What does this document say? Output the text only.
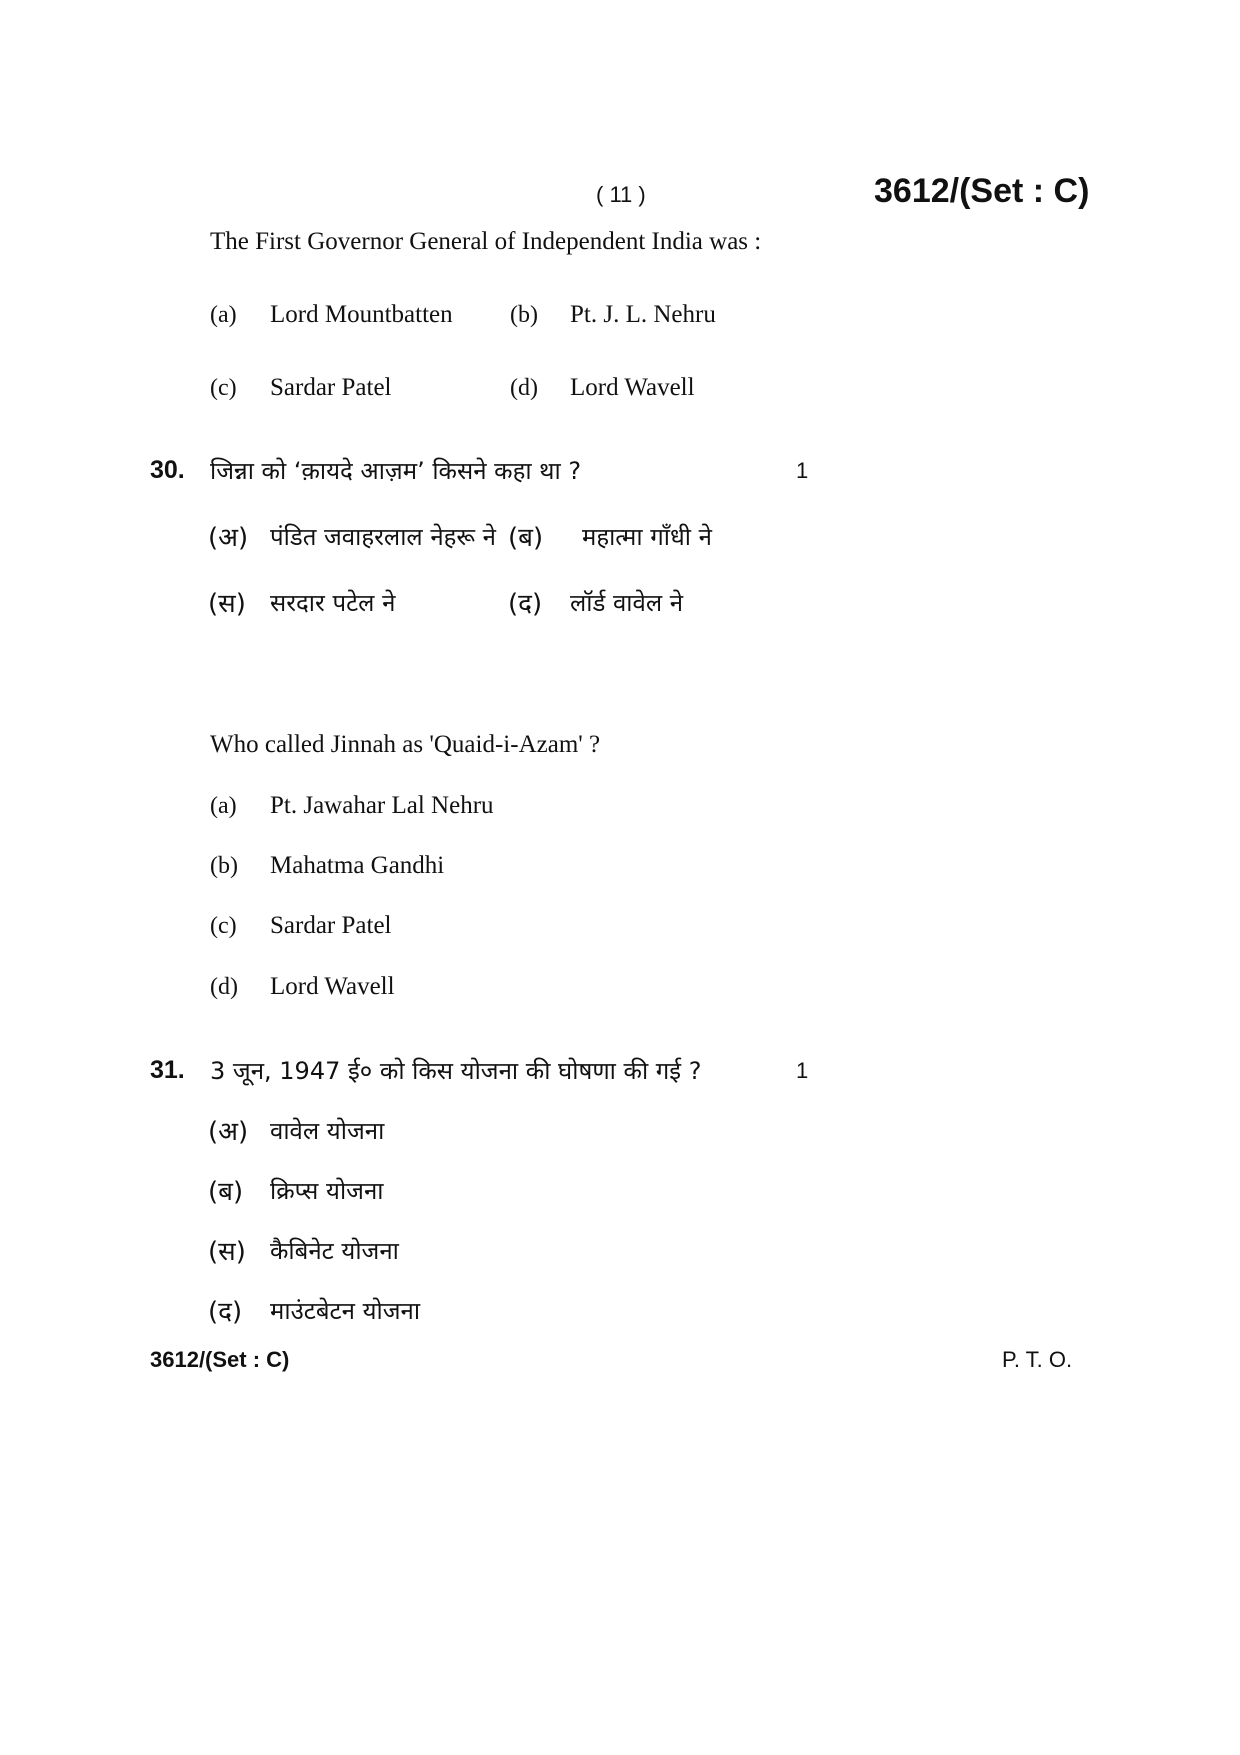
( 11 )	3612/(Set : C)
The First Governor General of Independent India was :
(a) Lord Mountbatten (b) Pt. J. L. Nehru
(c) Sardar Patel	(d) Lord Wavell
30. जिन्ना को ‘क़ायदे आज़म’ किसने कहा था ?	1
(अ) पंडित जवाहरलाल नेहरू ने (ब) महात्मा गाँधी ने
(स) सरदार पटेल ने	(द) लॉर्ड वावेल ने
Who called Jinnah as 'Quaid-i-Azam' ?
(a) Pt. Jawahar Lal Nehru
(b) Mahatma Gandhi
(c) Sardar Patel
(d) Lord Wavell
31. 3 जून, 1947 ई० को किस योजना की घोषणा की गई ?	1
(अ) वावेल योजना
(ब) क्रिप्स योजना
(स) कैबिनेट योजना
(द) माउंटबेटन योजना
3612/(Set : C)	P. T. O.
